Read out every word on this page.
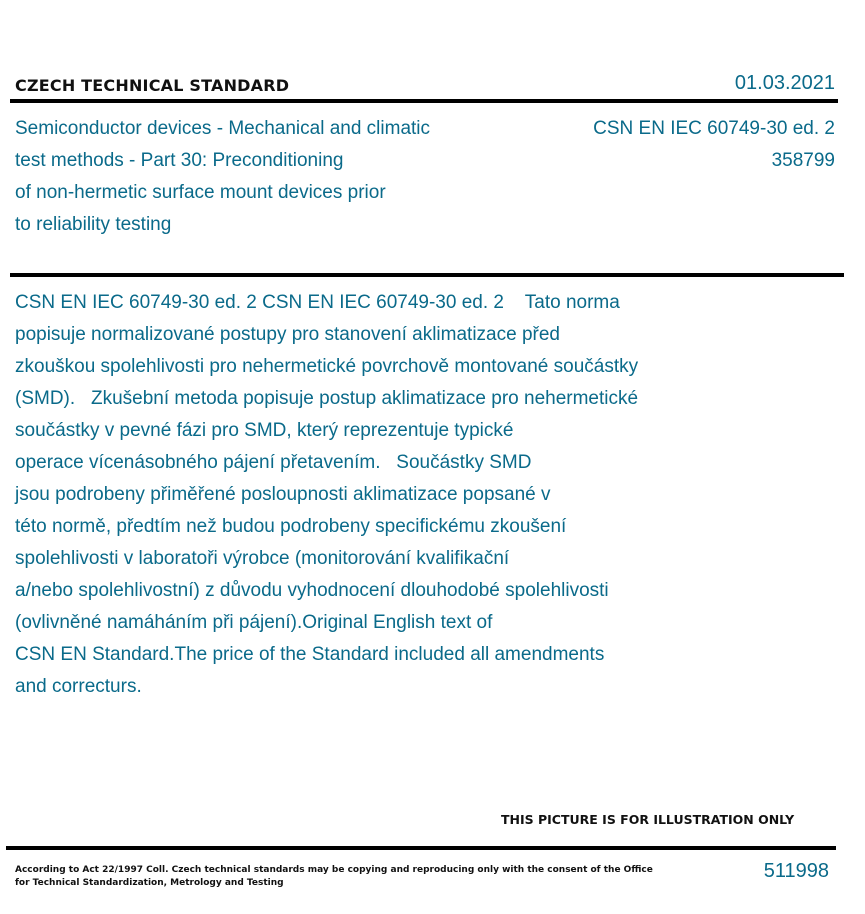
CZECH TECHNICAL STANDARD	01.03.2021
Semiconductor devices - Mechanical and climatic
test methods - Part 30: Preconditioning
of non-hermetic surface mount devices prior
to reliability testing
CSN EN IEC 60749-30 ed. 2
358799
CSN EN IEC 60749-30 ed. 2 CSN EN IEC 60749-30 ed. 2    Tato norma
popisuje normalizované postupy pro stanovení aklimatizace před
zkouškou spolehlivosti pro nehermetické povrchově montované součástky
(SMD).   Zkušební metoda popisuje postup aklimatizace pro nehermetické
součástky v pevné fázi pro SMD, který reprezentuje typické
operace vícenásobného pájení přetavením.   Součástky SMD
jsou podrobeny přiměřené posloupnosti aklimatizace popsané v
této normě, předtím než budou podrobeny specifickému zkoušení
spolehlivosti v laboratoři výrobce (monitorování kvalifikační
a/nebo spolehlivostní) z důvodu vyhodnocení dlouhodobé spolehlivosti
(ovlivněné namáháním při pájení).Original English text of
CSN EN Standard.The price of the Standard included all amendments
and correcturs.
THIS PICTURE IS FOR ILLUSTRATION ONLY
According to Act 22/1997 Coll. Czech technical standards may be copying and reproducing only with the consent of the Office
for Technical Standardization, Metrology and Testing
511998
